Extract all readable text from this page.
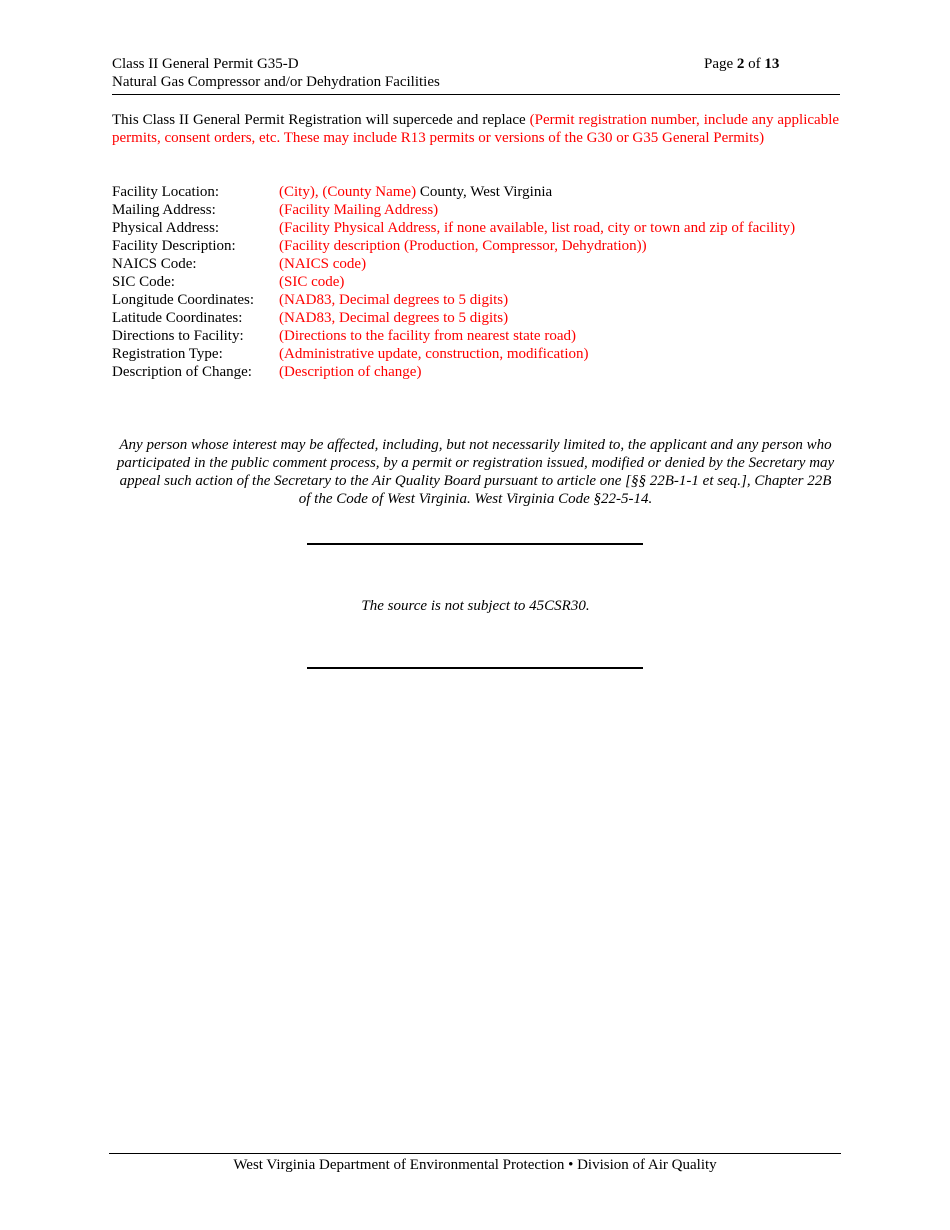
Class II General Permit G35-D
Natural Gas Compressor and/or Dehydration Facilities
Page 2 of 13
This Class II General Permit Registration will supercede and replace (Permit registration number, include any applicable permits, consent orders, etc. These may include R13 permits or versions of the G30 or G35 General Permits)
Facility Location:	(City), (County Name) County, West Virginia
Mailing Address:	(Facility Mailing Address)
Physical Address:	(Facility Physical Address, if none available, list road, city or town and zip of facility)
Facility Description:	(Facility description (Production, Compressor, Dehydration))
NAICS Code:	(NAICS code)
SIC Code:	(SIC code)
Longitude Coordinates:	(NAD83, Decimal degrees to 5 digits)
Latitude Coordinates:	(NAD83, Decimal degrees to 5 digits)
Directions to Facility:	(Directions to the facility from nearest state road)
Registration Type:	(Administrative update, construction, modification)
Description of Change:	(Description of change)
Any person whose interest may be affected, including, but not necessarily limited to, the applicant and any person who participated in the public comment process, by a permit or registration issued, modified or denied by the Secretary may appeal such action of the Secretary to the Air Quality Board pursuant to article one [§§ 22B-1-1 et seq.], Chapter 22B of the Code of West Virginia. West Virginia Code §22-5-14.
The source is not subject to 45CSR30.
West Virginia Department of Environmental Protection • Division of Air Quality
